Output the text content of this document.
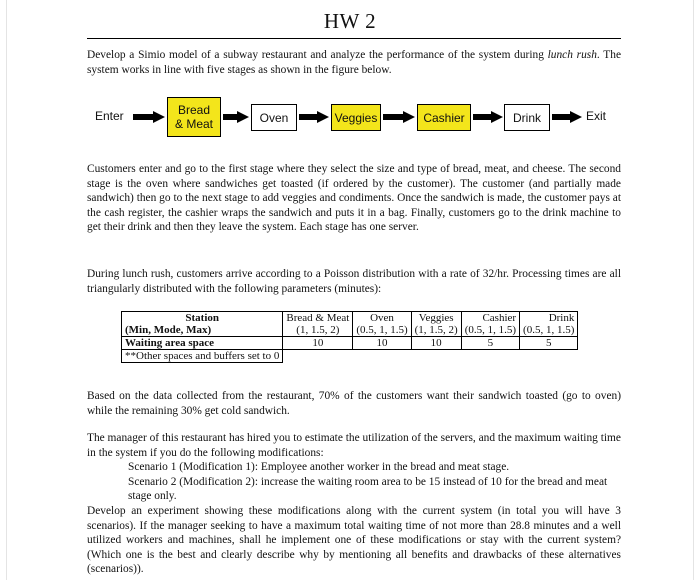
HW 2
Develop a Simio model of a subway restaurant and analyze the performance of the system during lunch rush. The system works in line with five stages as shown in the figure below.
Enter	Bread
& Meat	Oven	Veggies	Cashier	Drink	Exit
Customers enter and go to the first stage where they select the size and type of bread, meat, and cheese. The second stage is the oven where sandwiches get toasted (if ordered by the customer). The customer (and partially made sandwich) then go to the next stage to add veggies and condiments. Once the sandwich is made, the customer pays at the cash register, the cashier wraps the sandwich and puts it in a bag. Finally, customers go to the drink machine to get their drink and then they leave the system. Each stage has one server.
During lunch rush, customers arrive according to a Poisson distribution with a rate of 32/hr. Processing times are all triangularly distributed with the following parameters (minutes):
Station	Bread & Meat	Oven	Veggies	Cashier	Drink
(Min, Mode, Max)	(1, 1.5, 2)	(0.5, 1, 1.5)	(1, 1.5, 2)	(0.5, 1, 1.5)	(0.5, 1, 1.5)
Waiting area space	10	10	10	5	5
**Other spaces and buffers set to 0					
Based on the data collected from the restaurant, 70% of the customers want their sandwich toasted (go to oven) while the remaining 30% get cold sandwich.
The manager of this restaurant has hired you to estimate the utilization of the servers, and the maximum waiting time in the system if you do the following modifications:
Scenario 1 (Modification 1): Employee another worker in the bread and meat stage.
Scenario 2 (Modification 2): increase the waiting room area to be 15 instead of 10 for the bread and meat stage only.
Develop an experiment showing these modifications along with the current system (in total you will have 3 scenarios). If the manager seeking to have a maximum total waiting time of not more than 28.8 minutes and a well utilized workers and machines, shall he implement one of these modifications or stay with the current system? (Which one is the best and clearly describe why by mentioning all benefits and drawbacks of these alternatives (scenarios)).
